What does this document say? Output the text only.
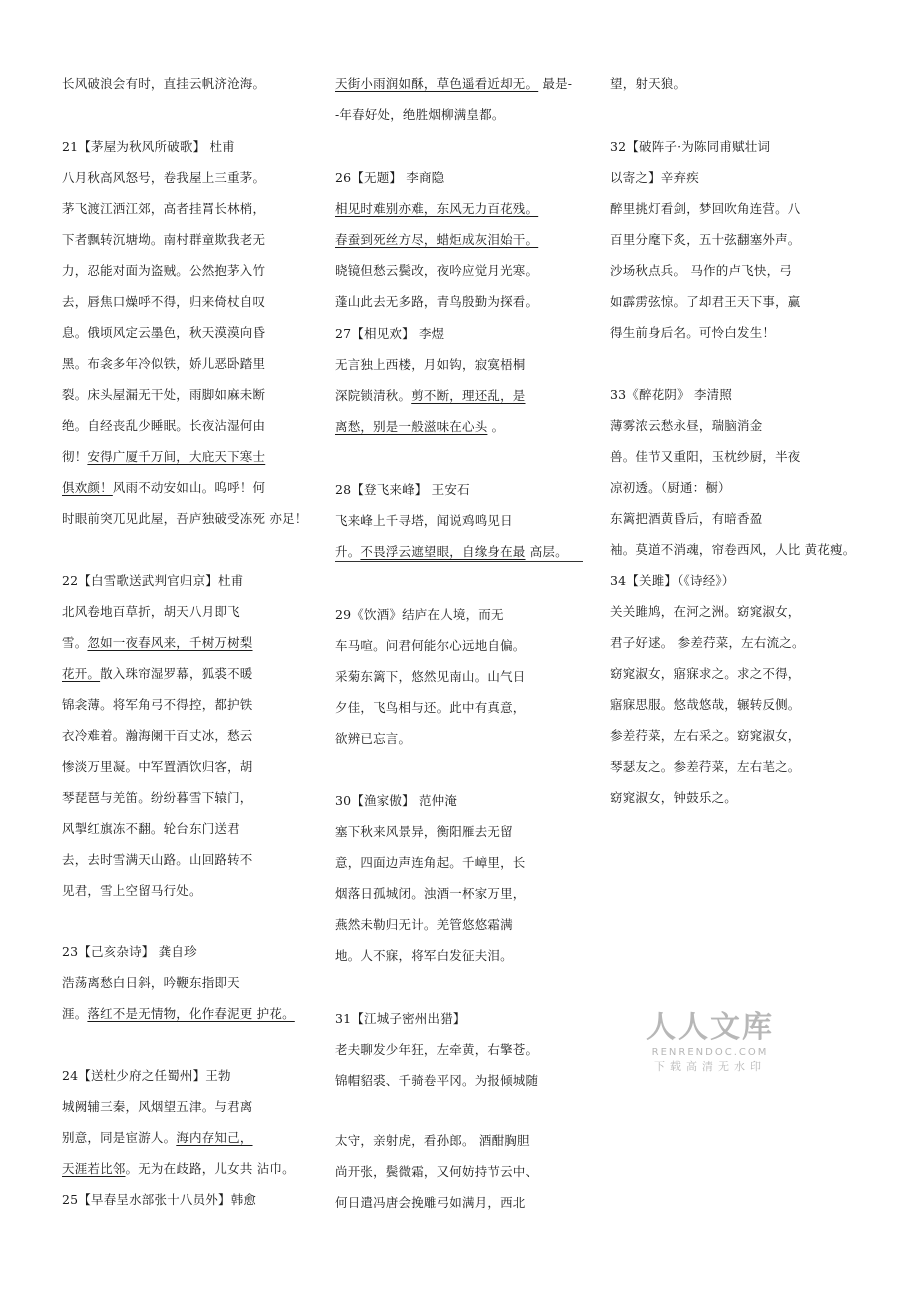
长风破浪会有时，直挂云帆济沧海。
21【茅屋为秋风所破歌】 杜甫
八月秋高风怒号，卷我屋上三重茅。
茅飞渡江洒江郊，高者挂罥长林梢，
下者飘转沉塘坳。南村群童欺我老无
力，忍能对面为盗贼。公然抱茅入竹
去，唇焦口燥呼不得，归来倚杖自叹
息。俄顷风定云墨色，秋天漠漠向昏
黑。布衾多年冷似铁，娇儿恶卧踏里
裂。床头屋漏无干处，雨脚如麻未断
绝。自经丧乱少睡眠。长夜沾湿何由
彻！安得广厦千万间，大庇天下寒士
俱欢颜！风雨不动安如山。呜呼！何
时眼前突兀见此屋，吾庐独破受冻死 亦足！
22【白雪歌送武判官归京】杜甫
北风卷地百草折，胡天八月即飞
雪。忽如一夜春风来，千树万树梨
花开。散入珠帘湿罗幕，狐裘不暖
锦衾薄。将军角弓不得控，都护铁
衣冷难着。瀚海阑干百丈冰，愁云
惨淡万里凝。中军置酒饮归客，胡
琴琵琶与羌笛。纷纷暮雪下辕门，
风掣红旗冻不翻。轮台东门送君
去，去时雪满天山路。山回路转不
见君，雪上空留马行处。
23【己亥杂诗】 龚自珍
浩荡离愁白日斜，吟鞭东指即天
涯。落红不是无情物，化作春泥更 护花。
24【送杜少府之任蜀州】王勃
城阙辅三秦，风烟望五津。与君离
别意，同是宦游人。海内存知己，
天涯若比邻。无为在歧路，儿女共 沾巾。
25【早春呈水部张十八员外】韩愈
天街小雨润如酥，草色遥看近却无。 最是-
-年春好处，绝胜烟柳满皇都。
26【无题】 李商隐
相见时难别亦难，东风无力百花残。
春蚕到死丝方尽，蜡炬成灰泪始干。
晓镜但愁云鬓改，夜吟应觉月光寒。
蓬山此去无多路，青鸟殷勤为探看。
27【相见欢】 李煜
无言独上西楼，月如钩，寂寞梧桐
深院锁清秋。剪不断，理还乱，是
离愁，别是一般滋味在心头 。
28【登飞来峰】 王安石
飞来峰上千寻塔，闻说鸡鸣见日
升。不畏浮云遮望眼，自缘身在最 高层。
29《饮酒》结庐在人境，而无
车马喧。问君何能尔心远地自偏。
采菊东篱下，悠然见南山。山气日
夕佳，飞鸟相与还。此中有真意，
欲辨已忘言。
30【渔家傲】 范仲淹
塞下秋来风景异，衡阳雁去无留
意，四面边声连角起。千嶂里，长
烟落日孤城闭。浊酒一杯家万里，
燕然未勒归无计。羌管悠悠霜满
地。人不寐，将军白发征夫泪。
31【江城子密州出猎】
老夫聊发少年狂，左牵黄，右擎苍。
锦帽貂裘、千骑卷平冈。为报倾城随
太守，亲射虎，看孙郎。 酒酣胸胆
尚开张，鬓微霜，又何妨持节云中、
何日遣冯唐会挽雕弓如满月，西北
望，射天狼。
32【破阵子·为陈同甫赋壮词
以寄之】辛弃疾
醉里挑灯看剑，梦回吹角连营。八
百里分麾下炙，五十弦翻塞外声。
沙场秋点兵。 马作的卢飞快，弓
如霹雳弦惊。了却君王天下事，赢
得生前身后名。可怜白发生！
33《醉花阴》 李清照
薄雾浓云愁永昼，瑞脑消金
兽。佳节又重阳，玉枕纱厨，半夜
凉初透。（厨通：橱）
东篱把酒黄昏后，有暗香盈
袖。莫道不消魂，帘卷西风，人比 黄花瘦。
34【关雎】（《诗经》）
关关雎鸠，在河之洲。窈窕淑女，
君子好逑。 参差荇菜，左右流之。
窈窕淑女，寤寐求之。求之不得，
寤寐思服。悠哉悠哉，辗转反侧。
参差荇菜，左右采之。窈窕淑女，
琴瑟友之。参差荇菜，左右芼之。
窈窕淑女，钟鼓乐之。
人人文库
RENRENDOC.COM
下载高清无水印
